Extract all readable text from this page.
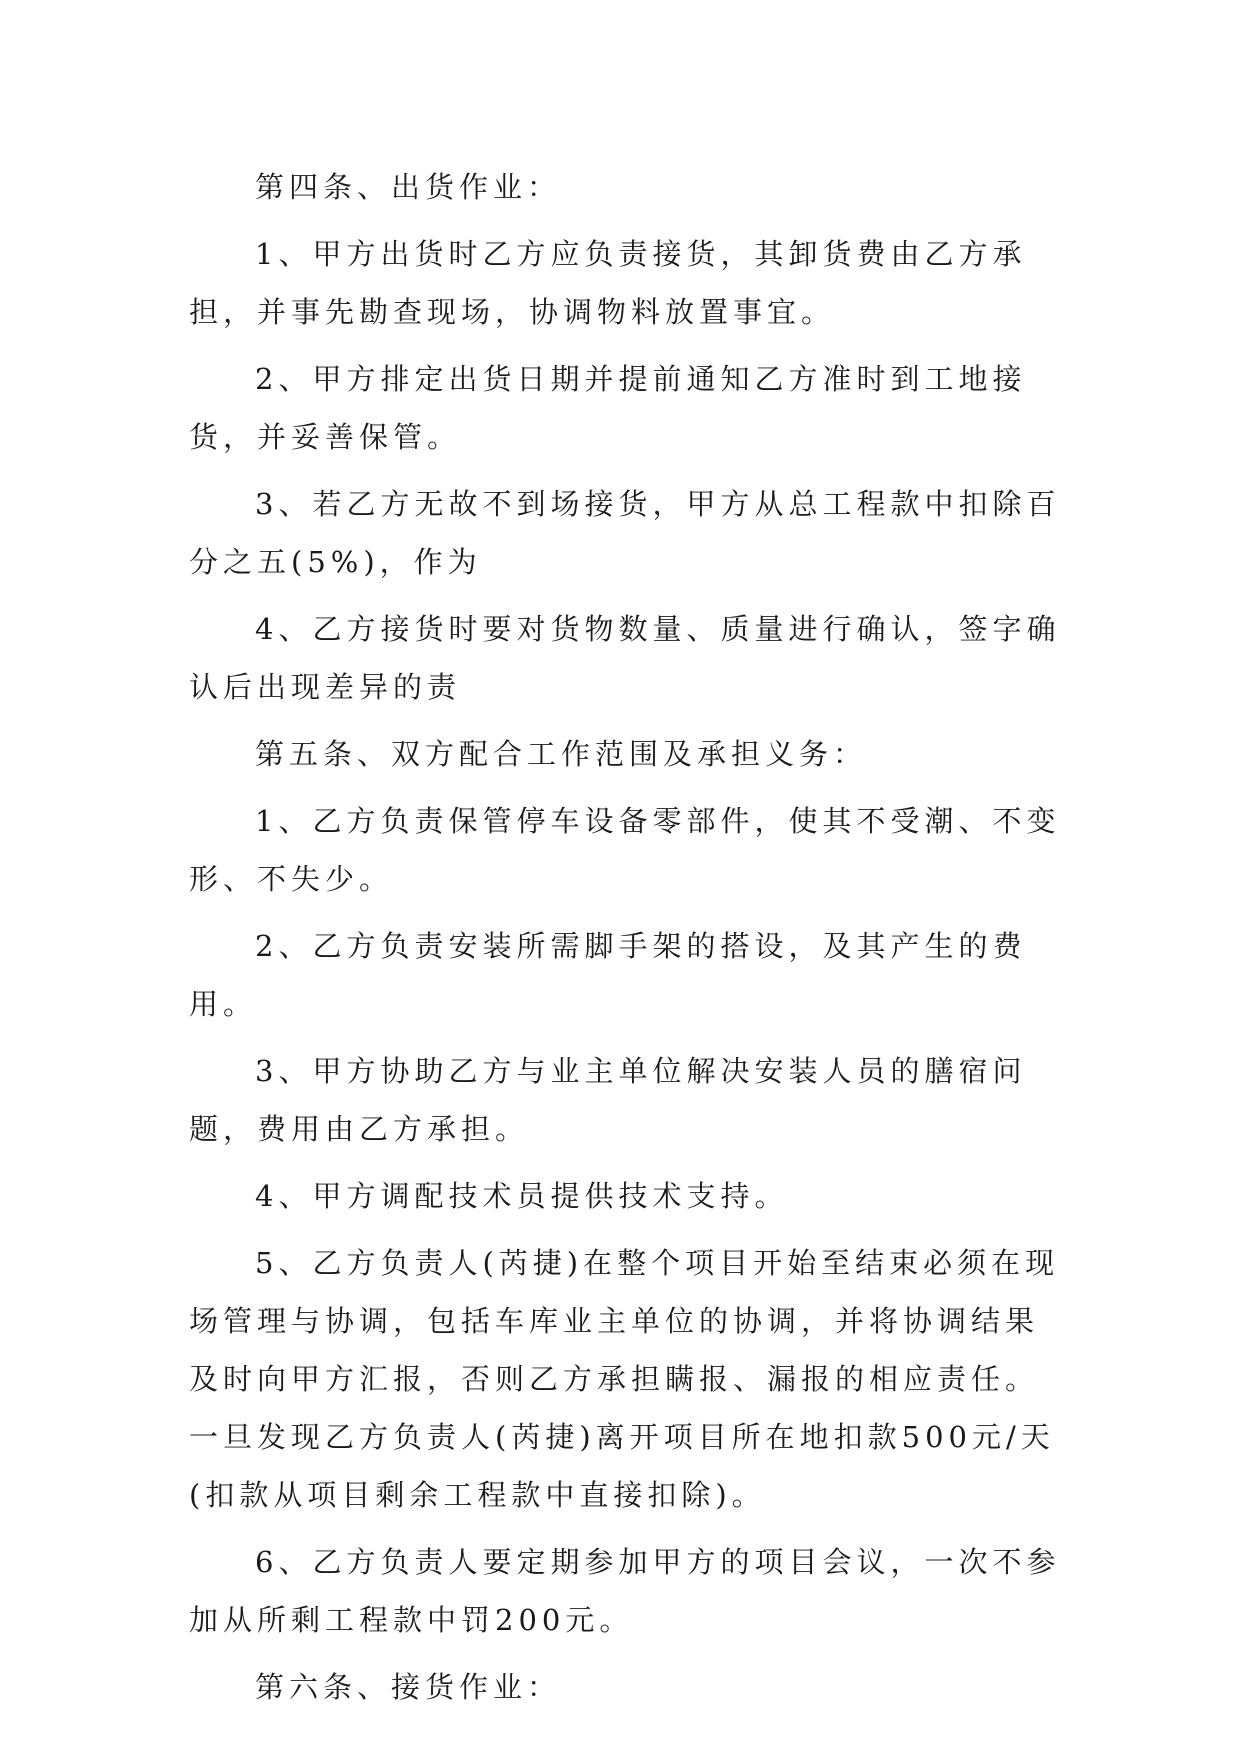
第四条、出货作业：

1、甲方出货时乙方应负责接货，其卸货费由乙方承担，并事先勘查现场，协调物料放置事宜。

2、甲方排定出货日期并提前通知乙方准时到工地接货，并妥善保管。

3、若乙方无故不到场接货，甲方从总工程款中扣除百分之五(5%)，作为

4、乙方接货时要对货物数量、质量进行确认，签字确认后出现差异的责

第五条、双方配合工作范围及承担义务：

1、乙方负责保管停车设备零部件，使其不受潮、不变形、不失少。

2、乙方负责安装所需脚手架的搭设，及其产生的费用。

3、甲方协助乙方与业主单位解决安装人员的膳宿问题，费用由乙方承担。

4、甲方调配技术员提供技术支持。

5、乙方负责人(芮捷)在整个项目开始至结束必须在现场管理与协调，包括车库业主单位的协调，并将协调结果及时向甲方汇报，否则乙方承担瞒报、漏报的相应责任。一旦发现乙方负责人(芮捷)离开项目所在地扣款500元/天(扣款从项目剩余工程款中直接扣除)。

6、乙方负责人要定期参加甲方的项目会议，一次不参加从所剩工程款中罚200元。

第六条、接货作业：
